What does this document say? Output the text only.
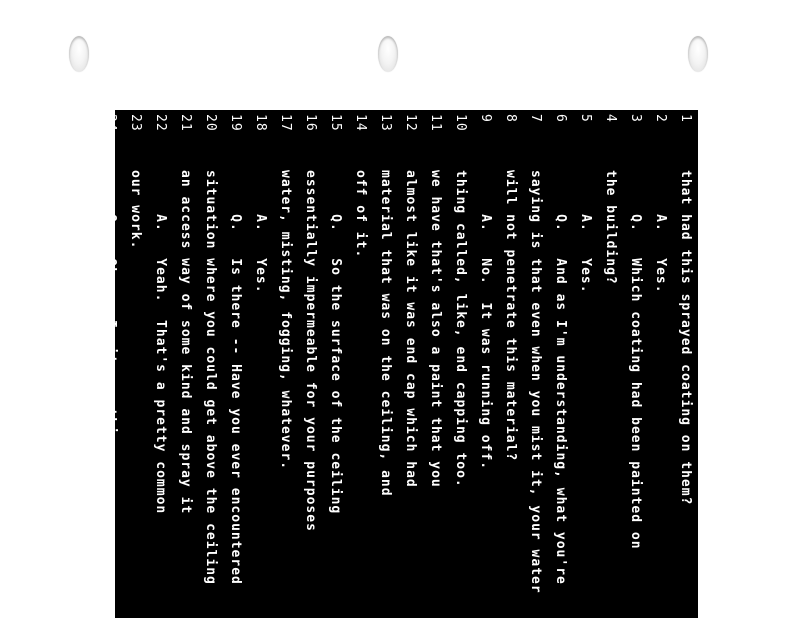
1
that had this sprayed coating on them?
2
A.   Yes.
3
Q.   Which coating had been painted on
4
the building?
5
A.   Yes.
6
Q.   And as I'm understanding, what you're
7
saying is that even when you mist it, your water
8
will not penetrate this material?
9
A.   No.  It was running off.
10
thing called, like, end capping too.
11
we have that's also a paint that you
12
almost like it was end cap which had
13
material that was on the ceiling, and
14
off of it.
15
Q.   So the surface of the ceiling
16
essentially impermeable for your purposes
17
water, misting, fogging, whatever.
18
A.   Yes.
19
Q.   Is there -- Have you ever encountered
20
situation where you could get above the ceiling
21
an access way of some kind and spray it
22
A.   Yeah.  That's a pretty common
23
our work.
24
Q.   Okay.  Is it something you
